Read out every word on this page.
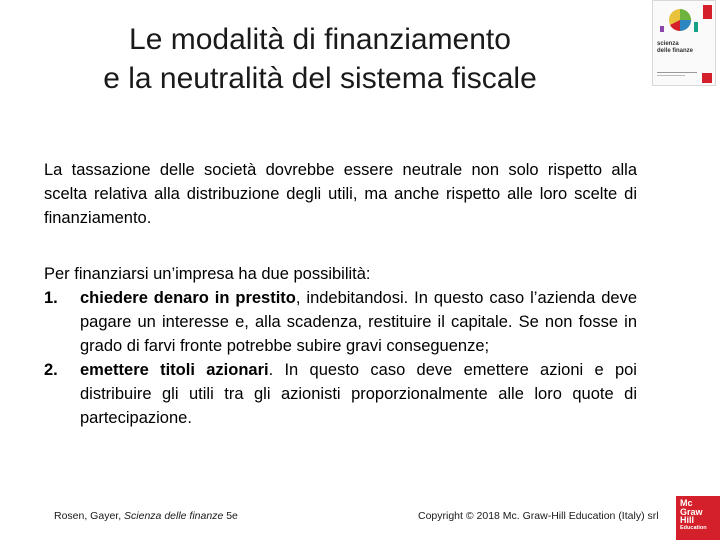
Le modalità di finanziamento
e la neutralità del sistema fiscale
scienza
delle finanze
La tassazione delle società dovrebbe essere neutrale non solo rispetto alla scelta relativa alla distribuzione degli utili, ma anche rispetto alle loro scelte di finanziamento.
Per finanziarsi un’impresa ha due possibilità:
1. chiedere denaro in prestito, indebitandosi. In questo caso l’azienda deve pagare un interesse e, alla scadenza, restituire il capitale. Se non fosse in grado di farvi fronte potrebbe subire gravi conseguenze;
2. emettere titoli azionari. In questo caso deve emettere azioni e poi distribuire gli utili tra gli azionisti proporzionalmente alle loro quote di partecipazione.
Rosen, Gayer, Scienza delle finanze 5e	Copyright © 2018 Mc. Graw-Hill Education (Italy) srl
Mc
Graw
Hill
Education
